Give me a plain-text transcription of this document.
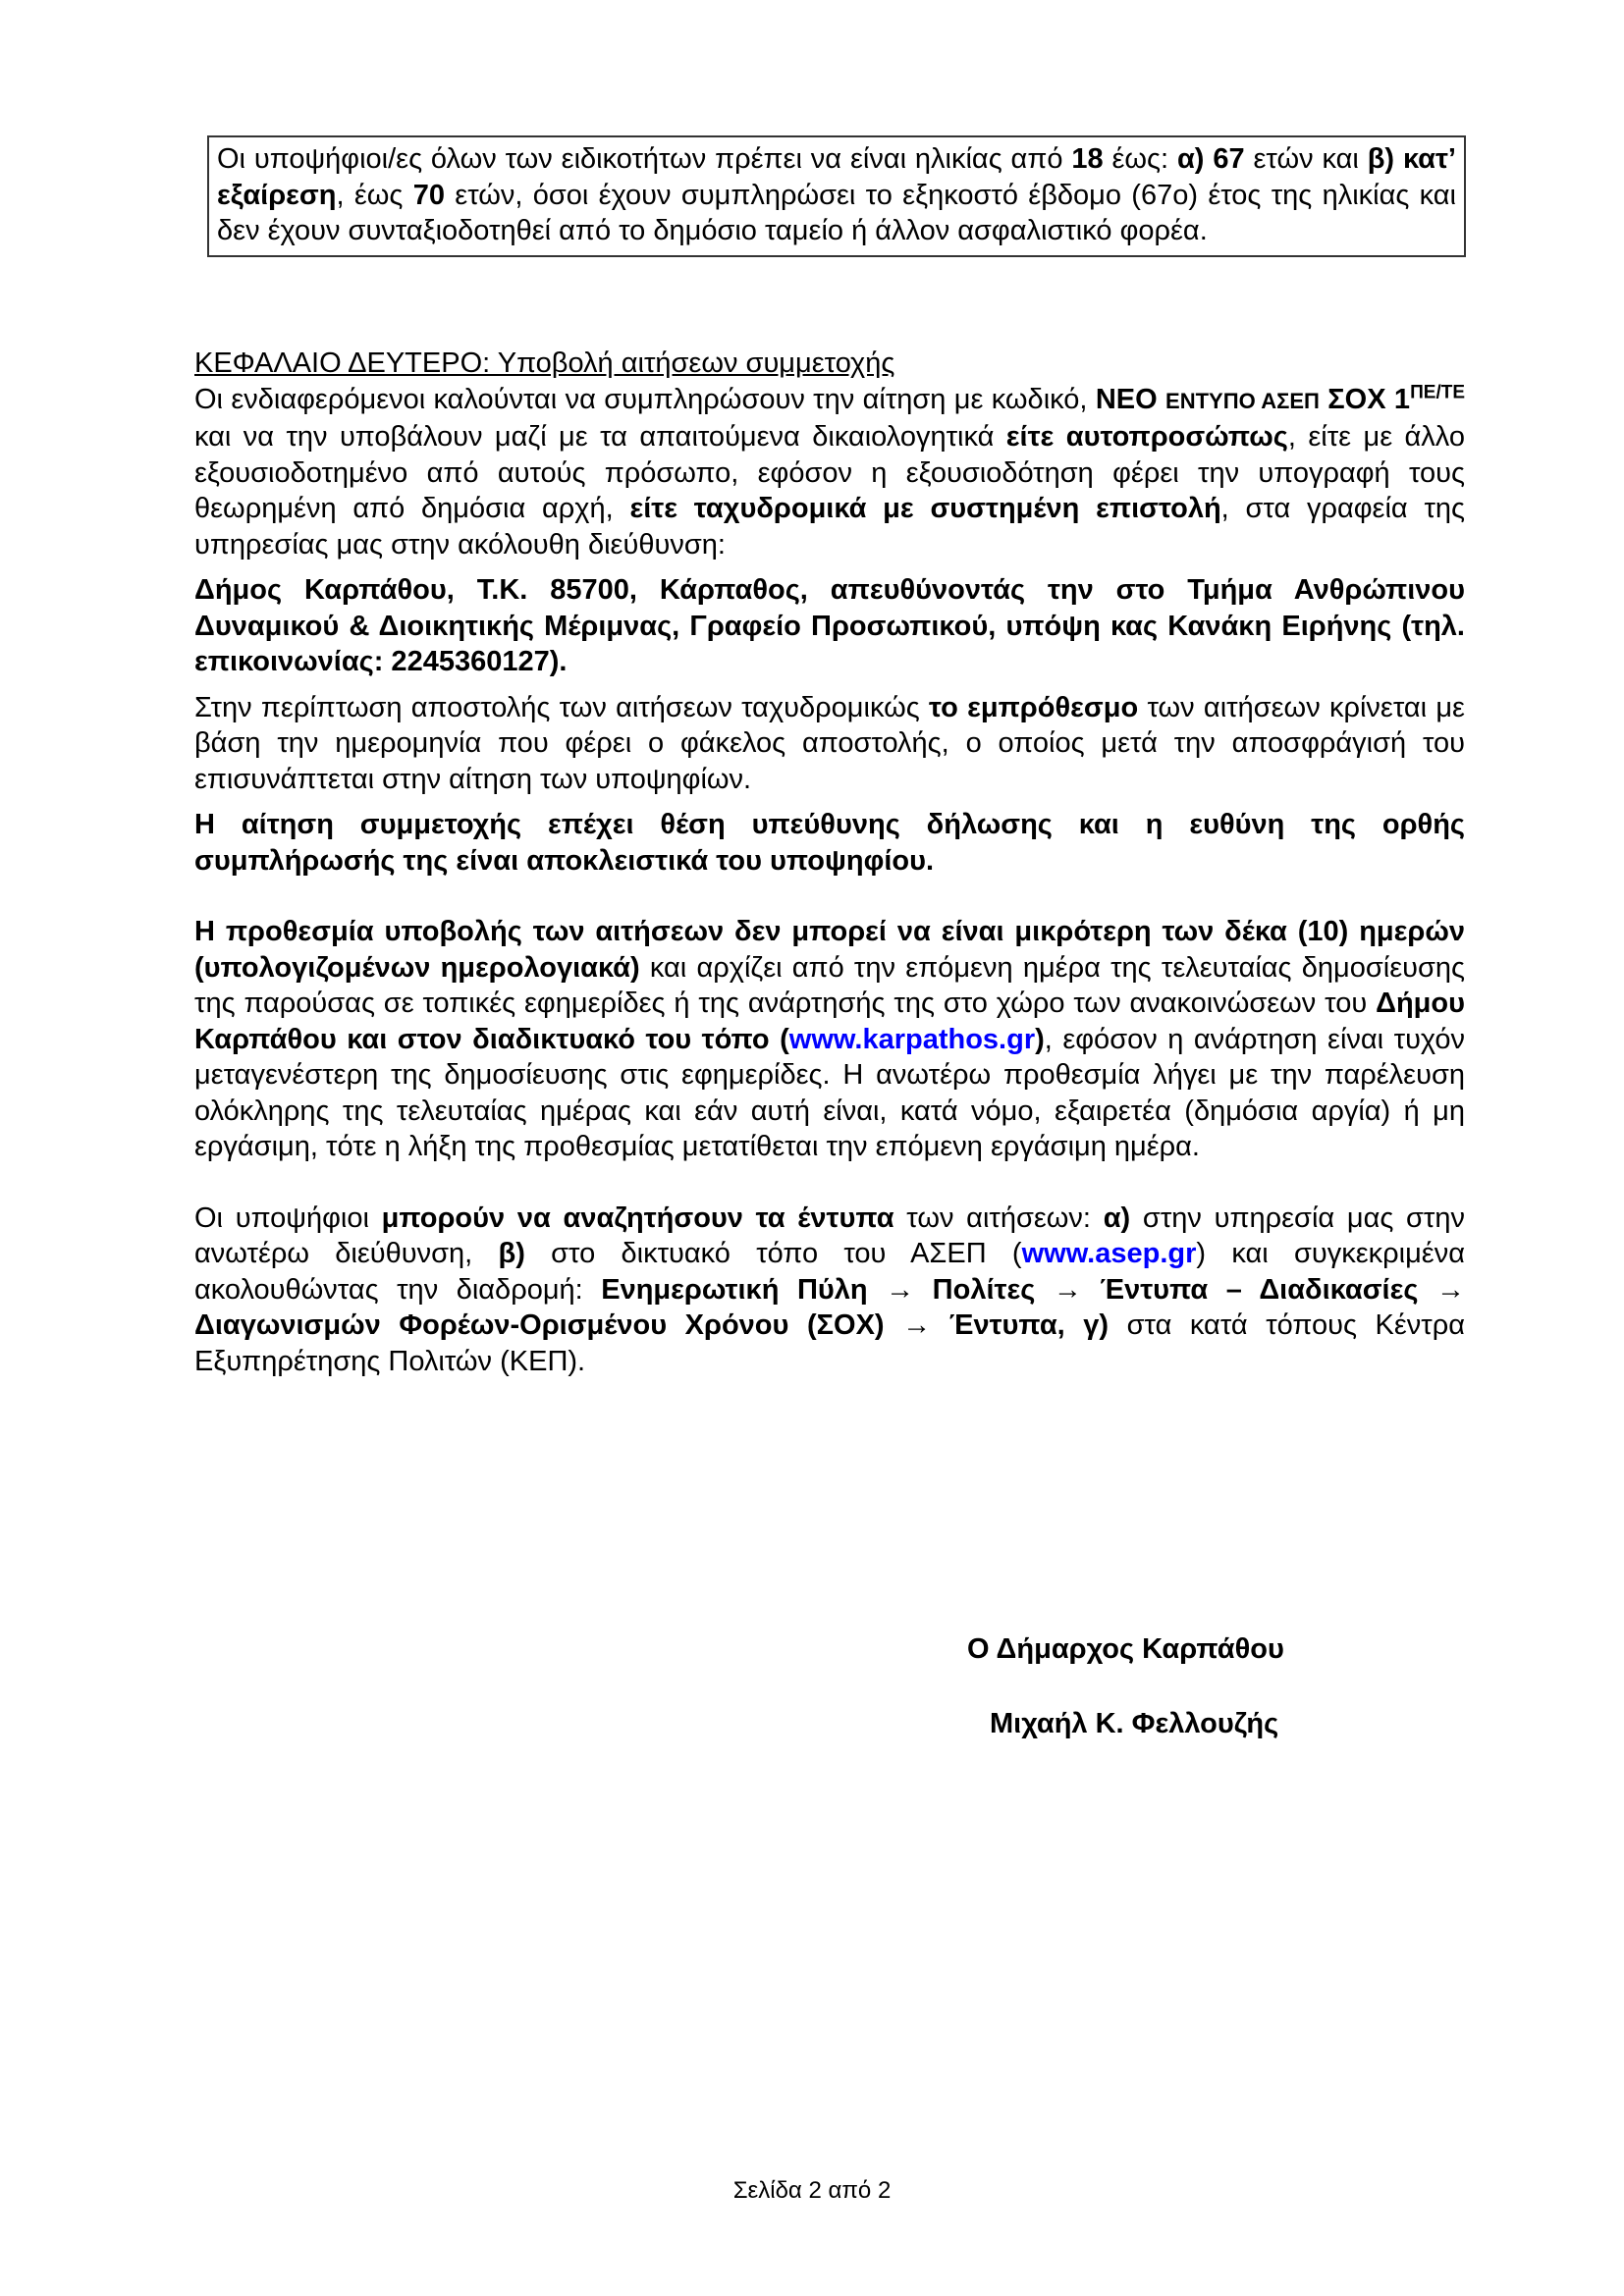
Οι υποψήφιοι/ες όλων των ειδικοτήτων πρέπει να είναι ηλικίας από 18 έως: α) 67 ετών και β) κατ’ εξαίρεση, έως 70 ετών, όσοι έχουν συμπληρώσει το εξηκοστό έβδομο (67ο) έτος της ηλικίας και δεν έχουν συνταξιοδοτηθεί από το δημόσιο ταμείο ή άλλον ασφαλιστικό φορέα.

ΚΕΦΑΛΑΙΟ ΔΕΥΤΕΡΟ: Υποβολή αιτήσεων συμμετοχής

Οι ενδιαφερόμενοι καλούνται να συμπληρώσουν την αίτηση με κωδικό, ΝΕΟ ΕΝΤΥΠΟ ΑΣΕΠ ΣΟΧ $1^{\Pi E/TE}$ και να την υποβάλουν μαζί με τα απαιτούμενα δικαιολογητικά είτε αυτοπροσώπως, είτε με άλλο εξουσιοδοτημένο από αυτούς πρόσωπο, εφόσον η εξουσιοδότηση φέρει την υπογραφή τους θεωρημένη από δημόσια αρχή, είτε ταχυδρομικά με συστημένη επιστολή, στα γραφεία της υπηρεσίας μας στην ακόλουθη διεύθυνση:

Δήμος Καρπάθου, Τ.Κ. 85700, Κάρπαθος, απευθύνοντάς την στο Τμήμα Ανθρώπινου Δυναμικού & Διοικητικής Μέριμνας, Γραφείο Προσωπικού, υπόψη κας Κανάκη Ειρήνης (τηλ. επικοινωνίας: 2245360127).

Στην περίπτωση αποστολής των αιτήσεων ταχυδρομικώς το εμπρόθεσμο των αιτήσεων κρίνεται με βάση την ημερομηνία που φέρει ο φάκελος αποστολής, ο οποίος μετά την αποσφράγισή του επισυνάπτεται στην αίτηση των υποψηφίων.

Η αίτηση συμμετοχής επέχει θέση υπεύθυνης δήλωσης και η ευθύνη της ορθής συμπλήρωσής της είναι αποκλειστικά του υποψηφίου.

Η προθεσμία υποβολής των αιτήσεων δεν μπορεί να είναι μικρότερη των δέκα (10) ημερών (υπολογιζομένων ημερολογιακά) και αρχίζει από την επόμενη ημέρα της τελευταίας δημοσίευσης της παρούσας σε τοπικές εφημερίδες ή της ανάρτησής της στο χώρο των ανακοινώσεων του Δήμου Καρπάθου και στον διαδικτυακό του τόπο (www.karpathos.gr), εφόσον η ανάρτηση είναι τυχόν μεταγενέστερη της δημοσίευσης στις εφημερίδες. Η ανωτέρω προθεσμία λήγει με την παρέλευση ολόκληρης της τελευταίας ημέρας και εάν αυτή είναι, κατά νόμο, εξαιρετέα (δημόσια αργία) ή μη εργάσιμη, τότε η λήξη της προθεσμίας μετατίθεται την επόμενη εργάσιμη ημέρα.

Οι υποψήφιοι μπορούν να αναζητήσουν τα έντυπα των αιτήσεων: α) στην υπηρεσία μας στην ανωτέρω διεύθυνση, β) στο δικτυακό τόπο του ΑΣΕΠ (www.asep.gr) και συγκεκριμένα ακολουθώντας την διαδρομή: Ενημερωτική Πύλη → Πολίτες → Έντυπα – Διαδικασίες → Διαγωνισμών Φορέων-Ορισμένου Χρόνου (ΣΟΧ) → Έντυπα, γ) στα κατά τόπους Κέντρα Εξυπηρέτησης Πολιτών (ΚΕΠ).

Ο Δήμαρχος Καρπάθου
Μιχαήλ Κ. Φελλουζής
Σελίδα 2 από 2
